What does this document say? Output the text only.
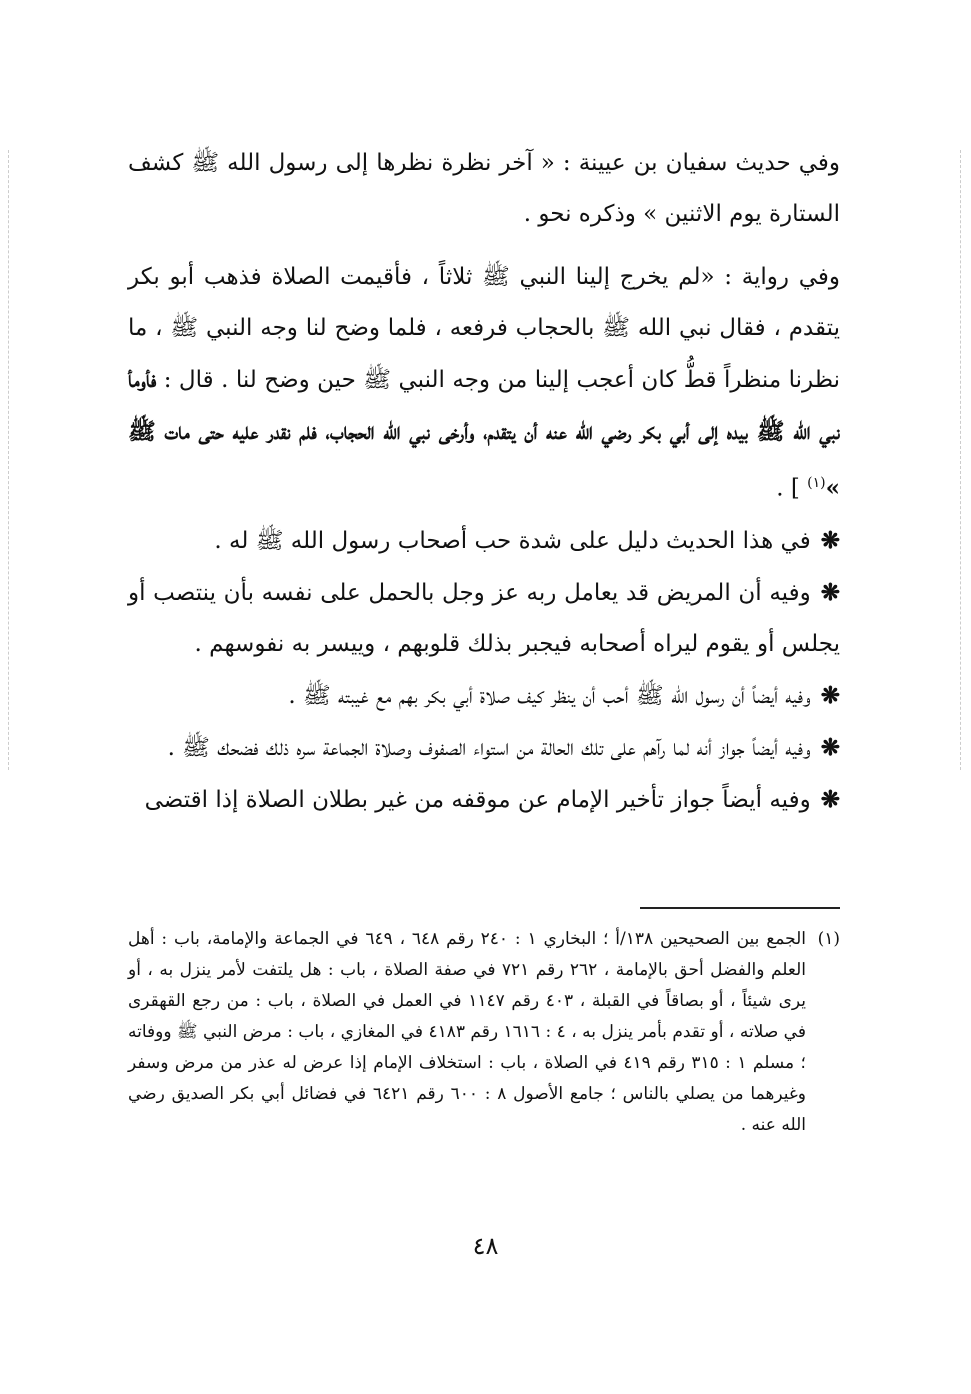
وفي حديث سفيان بن عيينة : « آخر نظرة نظرها إلى رسول الله ﷺ كشف الستارة يوم الاثنين » وذكره نحو .

وفي رواية : «لم يخرج إلينا النبي ﷺ ثلاثاً ، فأقيمت الصلاة فذهب أبو بكر يتقدم ، فقال نبي الله ﷺ بالحجاب فرفعه ، فلما وضح لنا وجه النبي ﷺ ، ما نظرنا منظراً قطُّ كان أعجب إلينا من وجه النبي ﷺ حين وضح لنا . قال : فأومأ نبي الله ﷺ بيده إلى أبي بكر رضي الله عنه أن يتقدم، وأرخى نبي الله الحجاب، فلم نقدر عليه حتى مات ﷺ »$^{(١)}$ ] .

❋في هذا الحديث دليل على شدة حب أصحاب رسول الله ﷺ له .

❋وفيه أن المريض قد يعامل ربه عز وجل بالحمل على نفسه بأن ينتصب أو يجلس أو يقوم ليراه أصحابه فيجبر بذلك قلوبهم ، وييسر به نفوسهم .

❋وفيه أيضاً أن رسول الله ﷺ أحب أن ينظر كيف صلاة أبي بكر بهم مع غيبته ﷺ .

❋وفيه أيضاً جواز أنه لما رآهم على تلك الحالة من استواء الصفوف وصلاة الجماعة سره ذلك فضحك ﷺ .

❋وفيه أيضاً جواز تأخير الإمام عن موقفه من غير بطلان الصلاة إذا اقتضى

(١)
الجمع بين الصحيحين ١٣٨/أ ؛ البخاري ١ : ٢٤٠ رقم ٦٤٨ ، ٦٤٩ في الجماعة والإمامة، باب : أهل العلم والفضل أحق بالإمامة ، ٢٦٢ رقم ٧٢١ في صفة الصلاة ، باب : هل يلتفت لأمر ينزل به ، أو يرى شيئاً ، أو بصاقاً في القبلة ، ٤٠٣ رقم ١١٤٧ في العمل في الصلاة ، باب : من رجع القهقرى في صلاته ، أو تقدم بأمر ينزل به ، ٤ : ١٦١٦ رقم ٤١٨٣ في المغازي ، باب : مرض النبي ﷺ ووفاته ؛ مسلم ١ : ٣١٥ رقم ٤١٩ في الصلاة ، باب : استخلاف الإمام إذا عرض له عذر من مرض وسفر وغيرهما من يصلي بالناس ؛ جامع الأصول ٨ : ٦٠٠ رقم ٦٤٢١ في فضائل أبي بكر الصديق رضي الله عنه .

٤٨
